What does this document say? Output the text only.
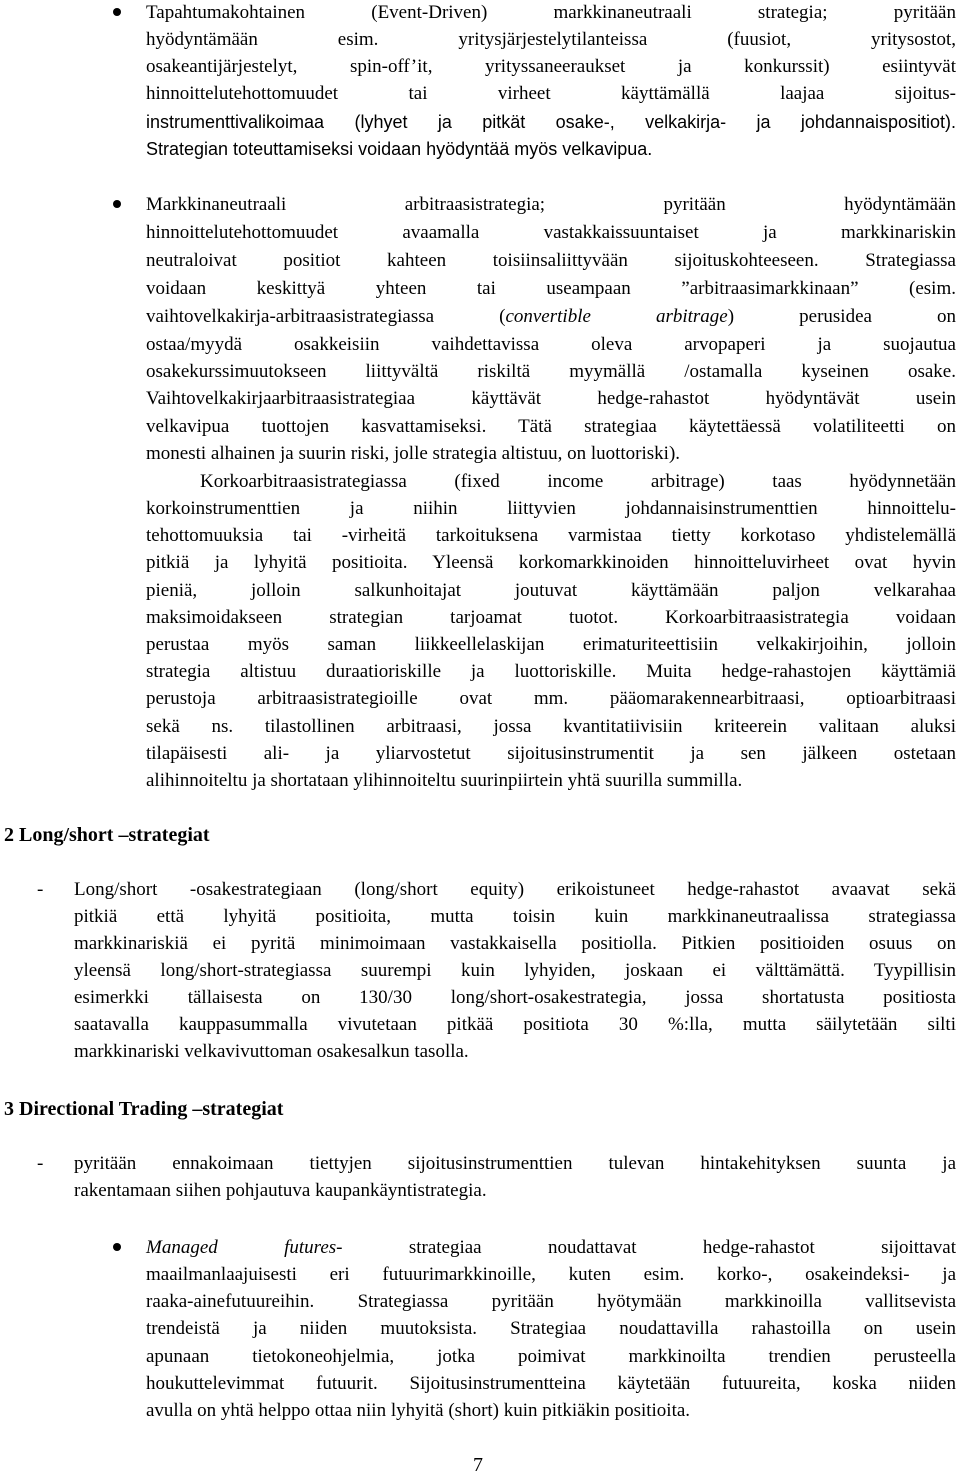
Tapahtumakohtainen (Event-Driven) markkinaneutraali strategia; pyritään
hyödyntämään esim. yritysjärjestelytilanteissa (fuusiot, yritysostot,
osakeantijärjestelyt, spin-off’it, yrityssaneeraukset ja konkurssit) esiintyvät
hinnoittelutehottomuudet tai virheet käyttämällä laajaa sijoitus-
instrumenttivalikoimaa (lyhyet ja pitkät osake-, velkakirja- ja johdannaispositiot).
Strategian toteuttamiseksi voidaan hyödyntää myös velkavipua.
Markkinaneutraali arbitraasistrategia; pyritään hyödyntämään
hinnoittelutehottomuudet avaamalla vastakkaissuuntaiset ja markkinariskin
neutraloivat positiot kahteen toisiinsaliittyvään sijoituskohteeseen. Strategiassa
voidaan keskittyä yhteen tai useampaan ”arbitraasimarkkinaan” (esim.
vaihtovelkakirja-arbitraasistrategiassa (convertible arbitrage) perusidea on
ostaa/myydä osakkeisiin vaihdettavissa oleva arvopaperi ja suojautua
osakekurssimuutokseen liittyvältä riskiltä myymällä /ostamalla kyseinen osake.
Vaihtovelkakirjaarbitraasistrategiaa käyttävät hedge-rahastot hyödyntävät usein
velkavipua tuottojen kasvattamiseksi. Tätä strategiaa käytettäessä volatiliteetti on
monesti alhainen ja suurin riski, jolle strategia altistuu, on luottoriski).
Korkoarbitraasistrategiassa (fixed income arbitrage) taas hyödynnetään
korkoinstrumenttien ja niihin liittyvien johdannaisinstrumenttien hinnoittelu-
tehottomuuksia tai -virheitä tarkoituksena varmistaa tietty korkotaso yhdistelemällä
pitkiä ja lyhyitä positioita. Yleensä korkomarkkinoiden hinnoitteluvirheet ovat hyvin
pieniä, jolloin salkunhoitajat joutuvat käyttämään paljon velkarahaa
maksimoidakseen strategian tarjoamat tuotot. Korkoarbitraasistrategia voidaan
perustaa myös saman liikkeellelaskijan erimaturiteettisiin velkakirjoihin, jolloin
strategia altistuu duraatioriskille ja luottoriskille. Muita hedge-rahastojen käyttämiä
perustoja arbitraasistrategioille ovat mm. pääomarakennearbitraasi, optioarbitraasi
sekä ns. tilastollinen arbitraasi, jossa kvantitatiivisiin kriteerein valitaan aluksi
tilapäisesti ali- ja yliarvostetut sijoitusinstrumentit ja sen jälkeen ostetaan
alihinnoiteltu ja shortataan ylihinnoiteltu suurinpiirtein yhtä suurilla summilla.
2 Long/short –strategiat
- Long/short -osakestrategiaan (long/short equity) erikoistuneet hedge-rahastot avaavat sekä
pitkiä että lyhyitä positioita, mutta toisin kuin markkinaneutraalissa strategiassa
markkinariskiä ei pyritä minimoimaan vastakkaisella positiolla. Pitkien positioiden osuus on
yleensä long/short-strategiassa suurempi kuin lyhyiden, joskaan ei välttämättä. Tyypillisin
esimerkki tällaisesta on 130/30 long/short-osakestrategia, jossa shortatusta positiosta
saatavalla kauppasummalla vivutetaan pitkää positiota 30 %:lla, mutta säilytetään silti
markkinariski velkavivuttoman osakesalkun tasolla.
3 Directional Trading –strategiat
- pyritään ennakoimaan tiettyjen sijoitusinstrumenttien tulevan hintakehityksen suunta ja
rakentamaan siihen pohjautuva kaupankäyntistrategia.
Managed futures-	strategiaa noudattavat hedge-rahastot sijoittavat
maailmanlaajuisesti eri futuurimarkkinoille, kuten esim. korko-, osakeindeksi- ja
raaka-ainefutuureihin. Strategiassa pyritään hyötymään markkinoilla vallitsevista
trendeistä ja niiden muutoksista. Strategiaa noudattavilla rahastoilla on usein
apunaan tietokoneohjelmia, jotka poimivat markkinoilta trendien perusteella
houkuttelevimmat futuurit. Sijoitusinstrumentteina käytetään futuureita, koska niiden
avulla on yhtä helppo ottaa niin lyhyitä (short) kuin pitkiäkin positioita.
7
